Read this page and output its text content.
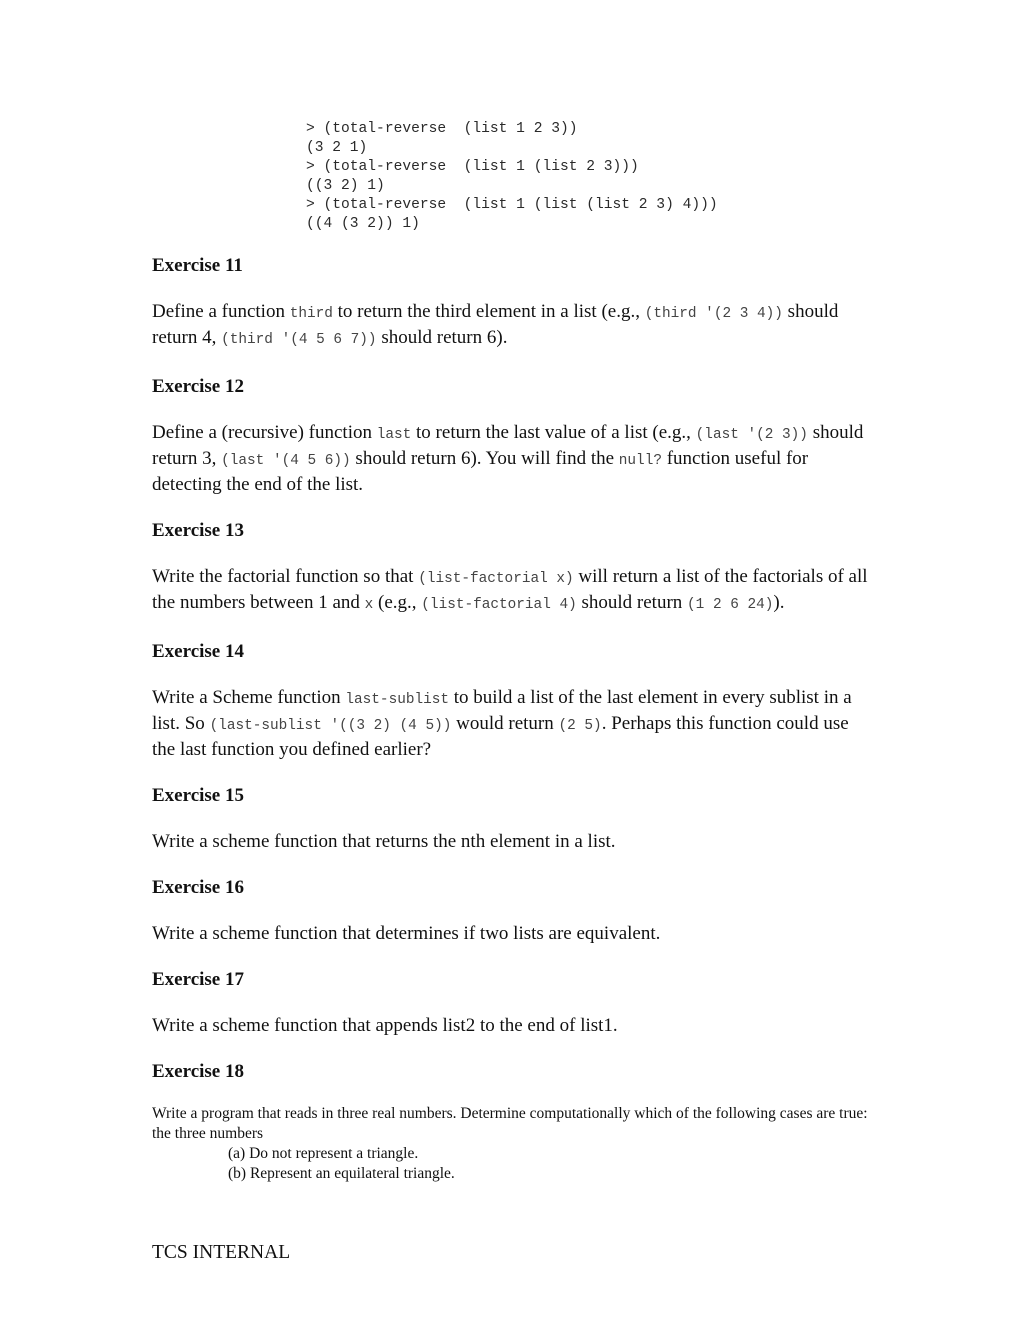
> (total-reverse  (list 1 2 3))
(3 2 1)
> (total-reverse  (list 1 (list 2 3)))
((3 2) 1)
> (total-reverse  (list 1 (list (list 2 3) 4)))
((4 (3 2)) 1)
Exercise 11

Define a function third to return the third element in a list (e.g., (third '(2 3 4)) should return 4, (third '(4 5 6 7)) should return 6).

Exercise 12

Define a (recursive) function last to return the last value of a list (e.g., (last '(2 3)) should return 3, (last '(4 5 6)) should return 6). You will find the null? function useful for detecting the end of the list.

Exercise 13

Write the factorial function so that (list-factorial x) will return a list of the factorials of all the numbers between 1 and x (e.g., (list-factorial 4) should return (1 2 6 24)).

Exercise 14

Write a Scheme function last-sublist to build a list of the last element in every sublist in a list. So (last-sublist '((3 2) (4 5)) would return (2 5). Perhaps this function could use the last function you defined earlier?

Exercise 15

Write a scheme function that returns the nth element in a list.

Exercise 16

Write a scheme function that determines if two lists are equivalent.

Exercise 17

Write a scheme function that appends list2 to the end of list1.

Exercise 18

Write a program that reads in three real numbers. Determine computationally which of the following cases are true: the three numbers

(a) Do not represent a triangle.
(b) Represent an equilateral triangle.
TCS INTERNAL
